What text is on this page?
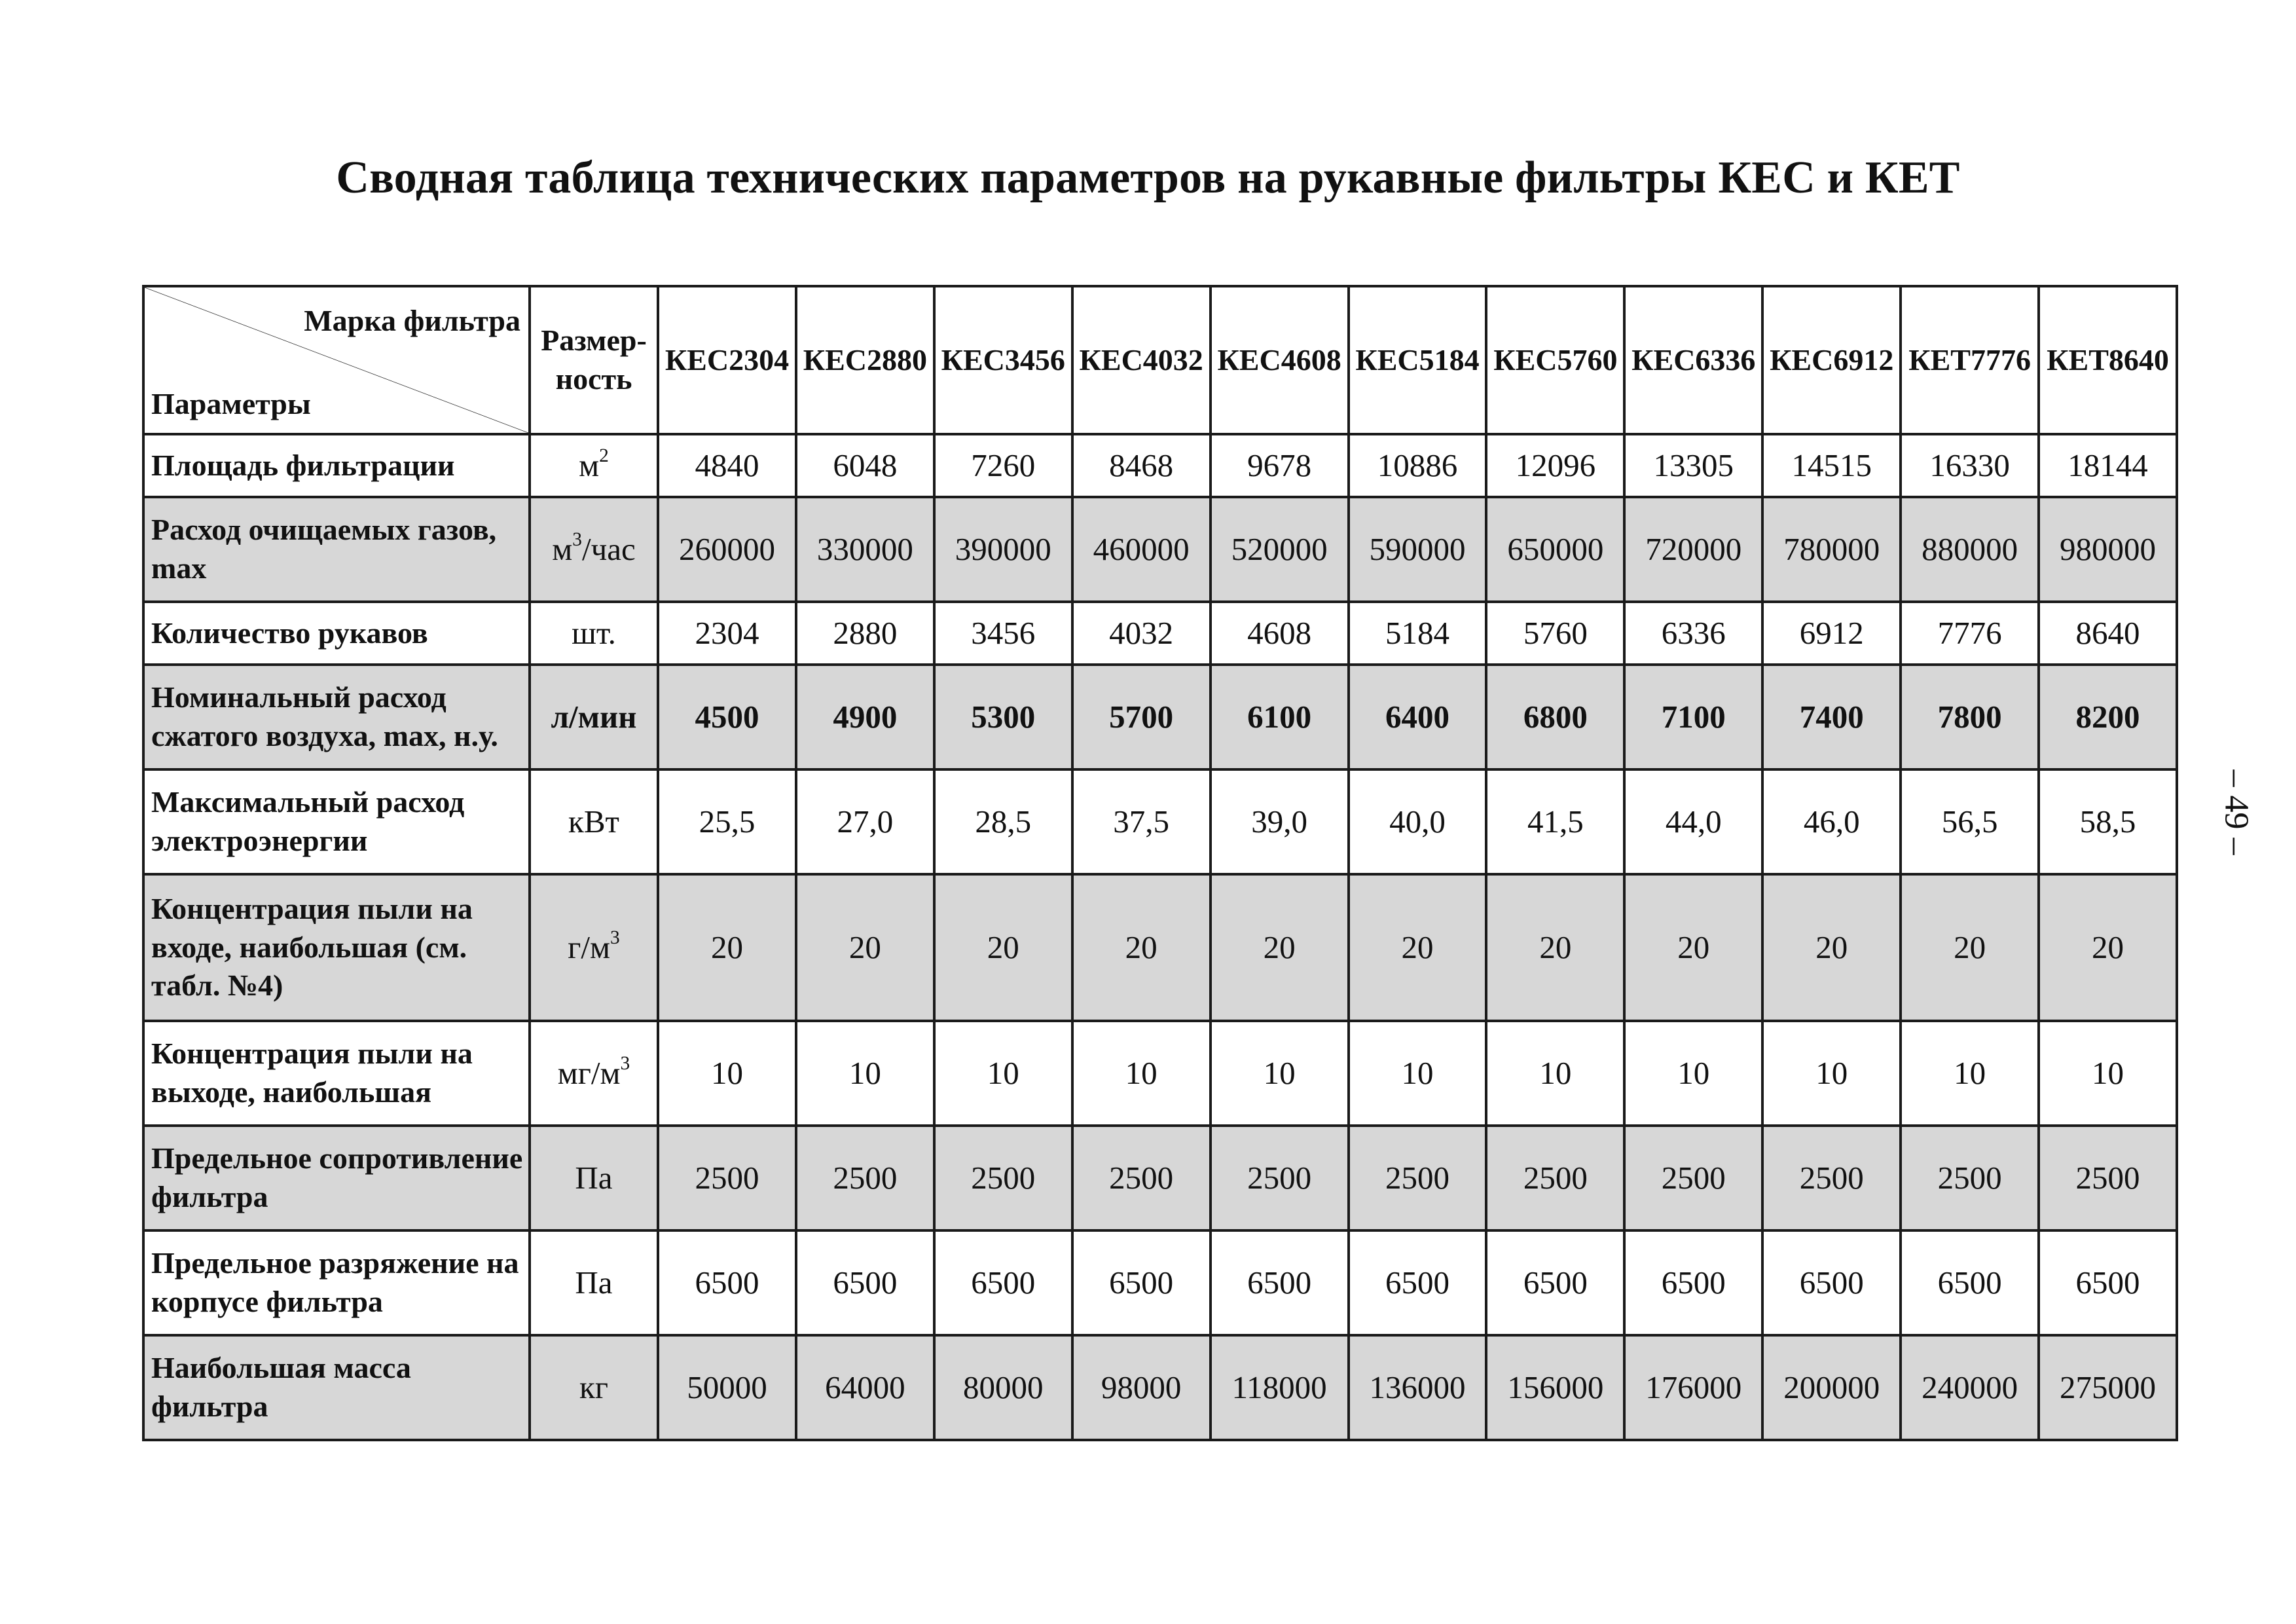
Сводная таблица технических параметров на рукавные фильтры КЕС и КЕТ
– 49 –
Марка фильтра
Параметры	Размер-ность	КЕС2304	КЕС2880	КЕС3456	КЕС4032	КЕС4608	КЕС5184	КЕС5760	КЕС6336	КЕС6912	КЕТ7776	КЕТ8640
Площадь фильтрации	$м^2$	4840	6048	7260	8468	9678	10886	12096	13305	14515	16330	18144
Расход очищаемых газов, max	$м^3$/час	260000	330000	390000	460000	520000	590000	650000	720000	780000	880000	980000
Количество рукавов	шт.	2304	2880	3456	4032	4608	5184	5760	6336	6912	7776	8640
Номинальный расход сжатого воздуха, max, н.у.	л/мин	4500	4900	5300	5700	6100	6400	6800	7100	7400	7800	8200
Максимальный расход электроэнергии	кВт	25,5	27,0	28,5	37,5	39,0	40,0	41,5	44,0	46,0	56,5	58,5
Концентрация пыли на входе, наибольшая (см. табл. №4)	$г/м^3$	20	20	20	20	20	20	20	20	20	20	20
Концентрация пыли на выходе, наибольшая	$мг/м^3$	10	10	10	10	10	10	10	10	10	10	10
Предельное сопротивление фильтра	Па	2500	2500	2500	2500	2500	2500	2500	2500	2500	2500	2500
Предельное разряжение на корпусе фильтра	Па	6500	6500	6500	6500	6500	6500	6500	6500	6500	6500	6500
Наибольшая масса фильтра	кг	50000	64000	80000	98000	118000	136000	156000	176000	200000	240000	275000
